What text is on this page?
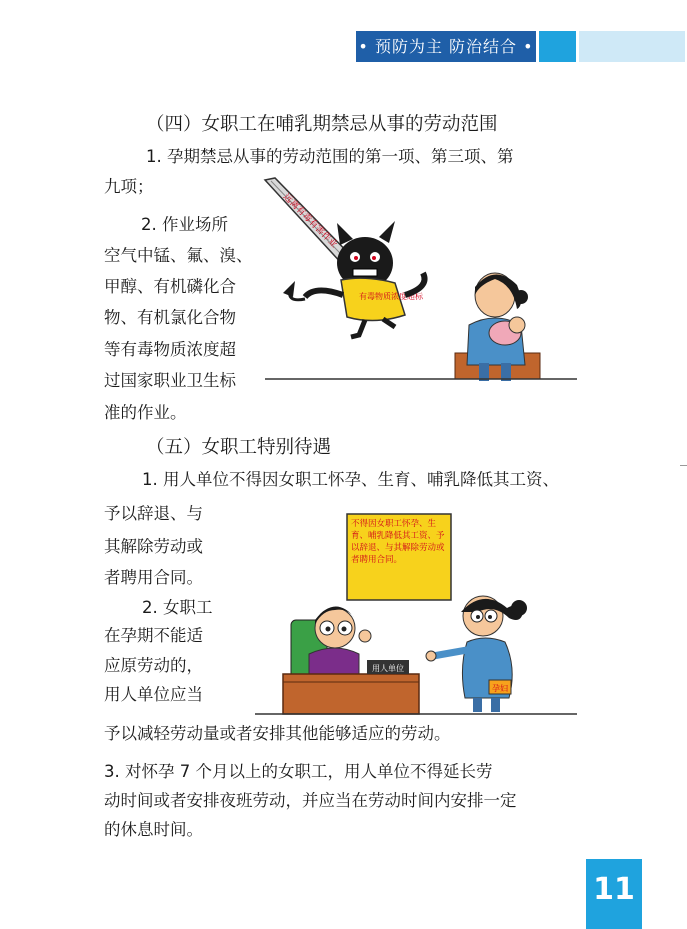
• 预防为主 防治结合 •
（四）女职工在哺乳期禁忌从事的劳动范围
1. 孕期禁忌从事的劳动范围的第一项、第三项、第
九项；
2. 作业场所
空气中锰、氟、溴、
甲醇、有机磷化合
物、有机氯化合物
等有毒物质浓度超
过国家职业卫生标
准的作业。
远离有毒有害作业
有毒物质浓度超标
（五）女职工特别待遇
1. 用人单位不得因女职工怀孕、生育、哺乳降低其工资、
予以辞退、与
其解除劳动或
者聘用合同。
2. 女职工
在孕期不能适
应原劳动的，
用人单位应当
予以减轻劳动量或者安排其他能够适应的劳动。
3. 对怀孕 7 个月以上的女职工，用人单位不得延长劳
动时间或者安排夜班劳动，并应当在劳动时间内安排一定
的休息时间。
不得因女职工怀孕、生育、哺乳降低其工资、予以辞退、与其解除劳动或者聘用合同。
用人单位
孕妇
11
